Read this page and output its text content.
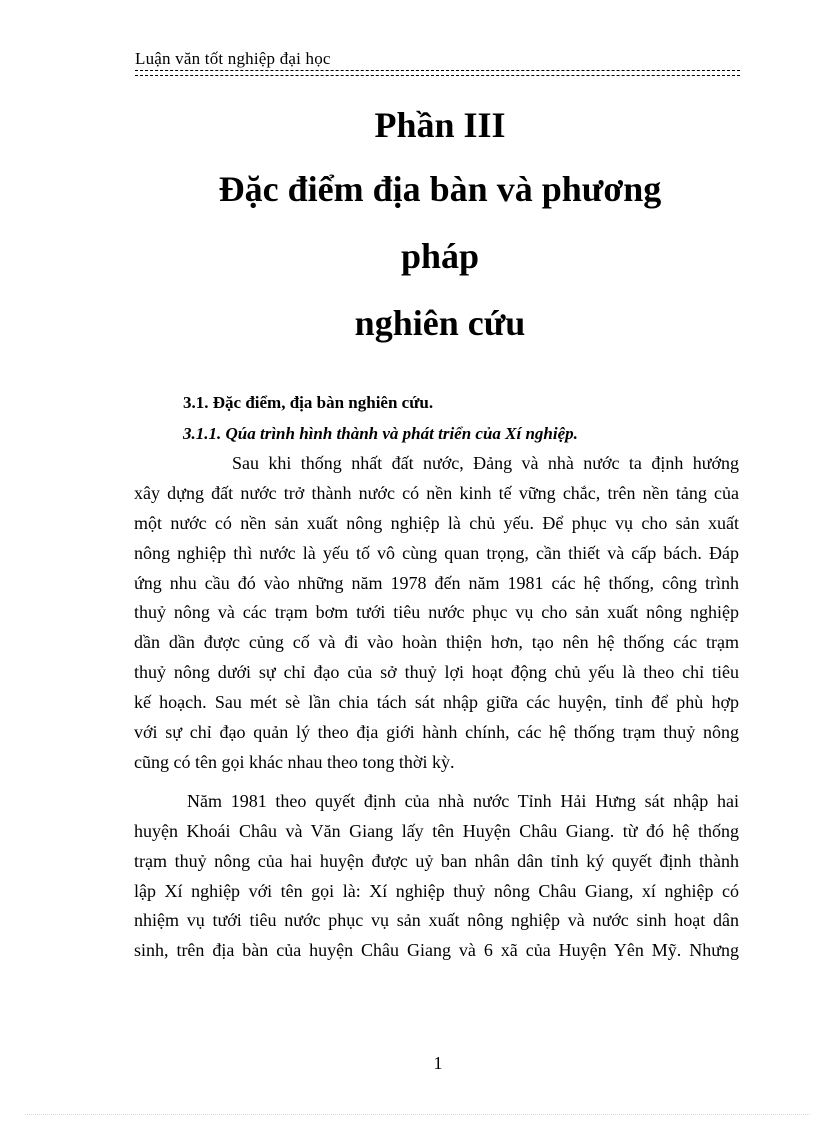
Luận văn tốt nghiệp đại học
Phần III
Đặc điểm địa bàn và phương
pháp
nghiên cứu
3.1. Đặc điểm, địa bàn nghiên cứu.
3.1.1. Qúa trình hình thành và phát triển của Xí nghiệp.
Sau khi thống nhất đất nước, Đảng và nhà nước ta định hướng
xây dựng đất nước trở thành nước có nền kinh tế vững chắc, trên nền tảng của
một nước có nền sản xuất nông nghiệp là chủ yếu. Để phục vụ cho sản xuất
nông nghiệp thì nước là yếu tố vô cùng quan trọng, cần thiết và cấp bách. Đáp
ứng nhu cầu đó vào những năm 1978 đến năm 1981 các hệ thống, công trình
thuỷ nông và các trạm bơm tưới tiêu nước phục vụ cho sản xuất nông nghiệp
dần dần được củng cố và đi vào hoàn thiện hơn, tạo nên hệ thống các trạm
thuỷ nông dưới sự chỉ đạo của sở thuỷ lợi hoạt động chủ yếu là theo chỉ tiêu
kế hoạch. Sau mét sè lần chia tách sát nhập giữa các huyện, tỉnh để phù hợp
với sự chỉ đạo quản lý theo địa giới hành chính, các hệ thống trạm thuỷ nông
cũng có tên gọi khác nhau theo tong thời kỳ.
Năm 1981 theo quyết định của nhà nước Tỉnh Hải Hưng sát nhập hai
huyện Khoái Châu và Văn Giang lấy tên Huyện Châu Giang. từ đó hệ thống
trạm thuỷ nông của hai huyện được uỷ ban nhân dân tỉnh ký quyết định thành
lập Xí nghiệp với tên gọi là: Xí nghiệp thuỷ nông Châu Giang, xí nghiệp có
nhiệm vụ tưới tiêu nước phục vụ sản xuất nông nghiệp và nước sinh hoạt dân
sinh, trên địa bàn của huyện Châu Giang và 6 xã của Huyện Yên Mỹ. Nhưng
1
